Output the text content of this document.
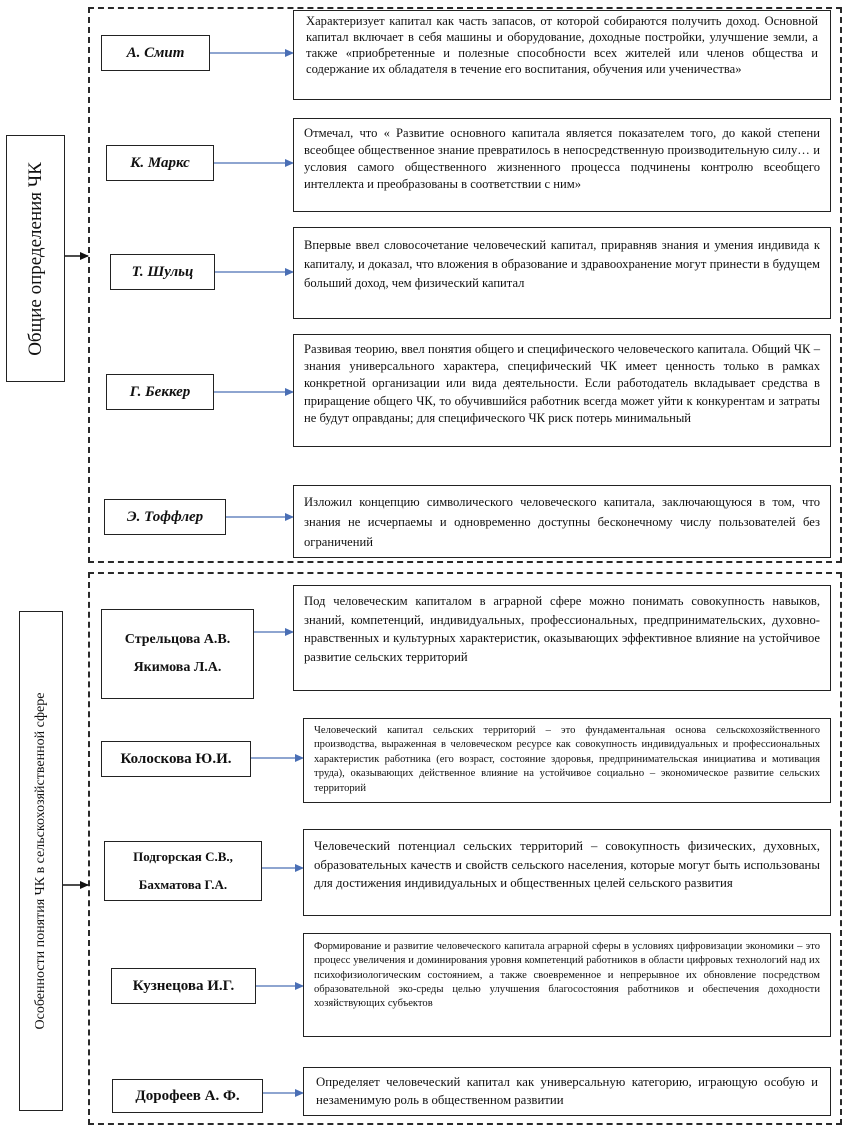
Общие определения ЧК
Особенности понятия ЧК в сельскохозяйственной сфере
А. Смит
Характеризует капитал как часть запасов, от которой собираются получить доход. Основной капитал включает в себя машины и оборудование, доходные постройки, улучшение земли, а также «приобретенные и полезные способности всех жителей или членов общества и содержание их обладателя в течение его воспитания, обучения или ученичества»
К. Маркс
Отмечал, что « Развитие основного капитала является показателем того, до какой степени всеобщее общественное знание превратилось в непосредственную производительную силу… и условия самого общественного жизненного процесса подчинены контролю всеобщего интеллекта и преобразованы в соответствии с ним»
Т. Шульц
Впервые ввел словосочетание человеческий капитал, приравняв знания и умения индивида к капиталу, и доказал, что вложения в образование и здравоохранение могут принести в будущем больший доход, чем физический капитал
Г. Беккер
Развивая теорию, ввел понятия общего и специфического человеческого капитала. Общий ЧК – знания универсального характера, специфический ЧК имеет ценность только в рамках конкретной организации или вида деятельности. Если работодатель вкладывает средства в приращение общего ЧК, то обучившийся работник всегда может уйти к конкурентам и затраты не будут оправданы; для специфического ЧК риск потерь минимальный
Э. Тоффлер
Изложил концепцию символического человеческого капитала, заключающуюся в том, что знания не исчерпаемы и одновременно доступны бесконечному числу пользователей без ограничений
Стрельцова А.В.
Якимова Л.А.
Под человеческим капиталом в аграрной сфере можно понимать совокупность навыков, знаний, компетенций, индивидуальных, профессиональных, предпринимательских, духовно-нравственных и культурных характеристик, оказывающих эффективное влияние на устойчивое развитие сельских территорий
Колоскова Ю.И.
Человеческий капитал сельских территорий – это фундаментальная основа сельскохозяйственного производства, выраженная в человеческом ресурсе как совокупность индивидуальных и профессиональных характеристик работника (его возраст, состояние здоровья, предпринимательская инициатива и мотивация труда), оказывающих действенное влияние на устойчивое социально – экономическое развитие сельских территорий
Подгорская С.В.,
Бахматова Г.А.
Человеческий потенциал сельских территорий – совокупность физических, духовных, образовательных качеств и свойств сельского населения, которые могут быть использованы для достижения индивидуальных и общественных целей сельского развития
Кузнецова И.Г.
Формирование и развитие человеческого капитала аграрной сферы в условиях цифровизации экономики – это процесс увеличения и доминирования уровня компетенций работников в области цифровых технологий над их психофизиологическим состоянием, а также своевременное и непрерывное их обновление посредством образовательной эко-среды целью улучшения благосостояния работников и обеспечения доходности хозяйствующих субъектов
Дорофеев А. Ф.
Определяет человеческий капитал как универсальную категорию, играющую особую и незаменимую роль в общественном развитии
